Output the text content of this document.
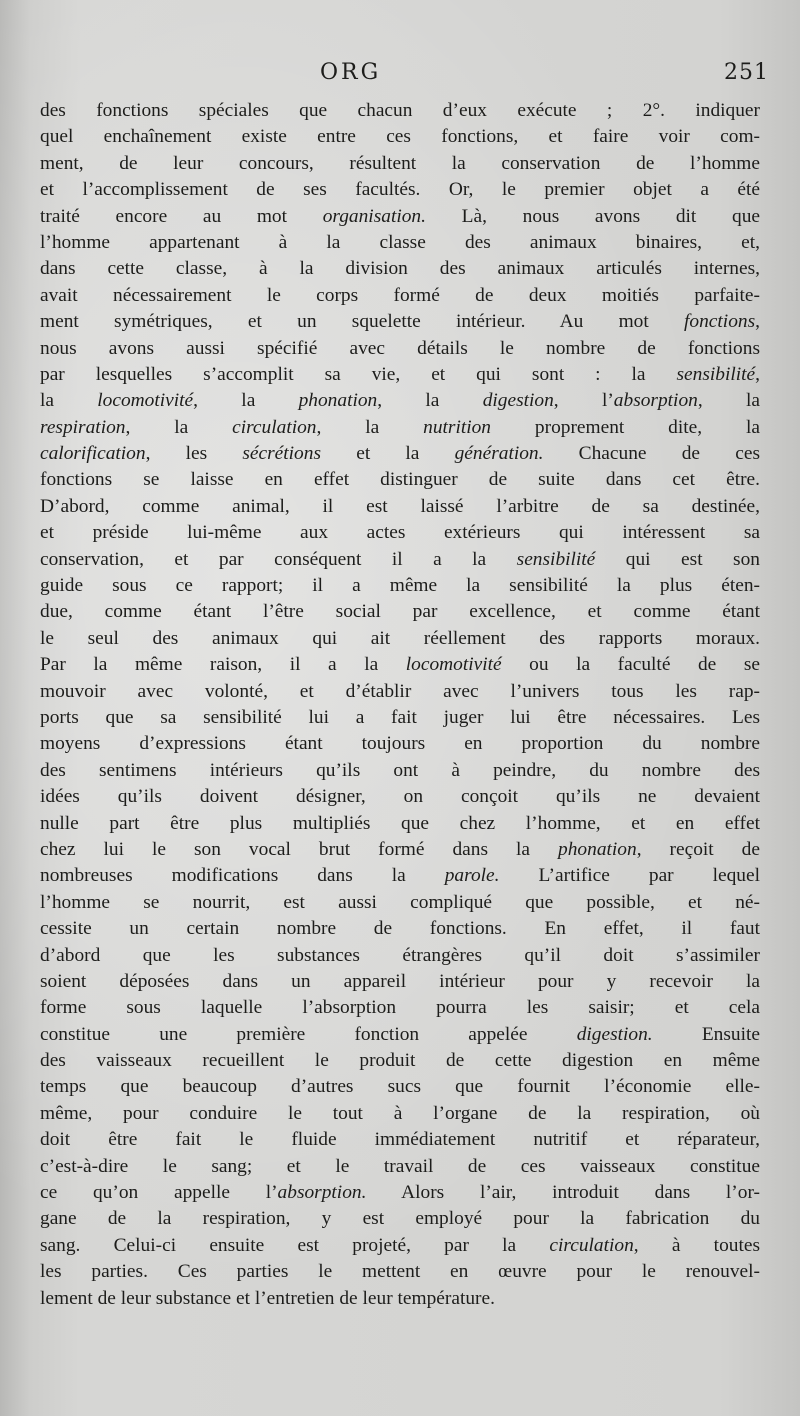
ORG	251
des fonctions spéciales que chacun d’eux exécute ; 2°. indiquer
quel enchaînement existe entre ces fonctions, et faire voir com-
ment, de leur concours, résultent la conservation de l’homme
et l’accomplissement de ses facultés. Or, le premier objet a été
traité encore au mot organisation. Là, nous avons dit que
l’homme appartenant à la classe des animaux binaires, et,
dans cette classe, à la division des animaux articulés internes,
avait nécessairement le corps formé de deux moitiés parfaite-
ment symétriques, et un squelette intérieur. Au mot fonctions,
nous avons aussi spécifié avec détails le nombre de fonctions
par lesquelles s’accomplit sa vie, et qui sont : la sensibilité,
la locomotivité, la phonation, la digestion, l’absorption, la
respiration, la circulation, la nutrition proprement dite, la
calorification, les sécrétions et la génération. Chacune de ces
fonctions se laisse en effet distinguer de suite dans cet être.
D’abord, comme animal, il est laissé l’arbitre de sa destinée,
et préside lui-même aux actes extérieurs qui intéressent sa
conservation, et par conséquent il a la sensibilité qui est son
guide sous ce rapport; il a même la sensibilité la plus éten-
due, comme étant l’être social par excellence, et comme étant
le seul des animaux qui ait réellement des rapports moraux.
Par la même raison, il a la locomotivité ou la faculté de se
mouvoir avec volonté, et d’établir avec l’univers tous les rap-
ports que sa sensibilité lui a fait juger lui être nécessaires. Les
moyens d’expressions étant toujours en proportion du nombre
des sentimens intérieurs qu’ils ont à peindre, du nombre des
idées qu’ils doivent désigner, on conçoit qu’ils ne devaient
nulle part être plus multipliés que chez l’homme, et en effet
chez lui le son vocal brut formé dans la phonation, reçoit de
nombreuses modifications dans la parole. L’artifice par lequel
l’homme se nourrit, est aussi compliqué que possible, et né-
cessite un certain nombre de fonctions. En effet, il faut
d’abord que les substances étrangères qu’il doit s’assimiler
soient déposées dans un appareil intérieur pour y recevoir la
forme sous laquelle l’absorption pourra les saisir; et cela
constitue une première fonction appelée digestion. Ensuite
des vaisseaux recueillent le produit de cette digestion en même
temps que beaucoup d’autres sucs que fournit l’économie elle-
même, pour conduire le tout à l’organe de la respiration, où
doit être fait le fluide immédiatement nutritif et réparateur,
c’est-à-dire le sang; et le travail de ces vaisseaux constitue
ce qu’on appelle l’absorption. Alors l’air, introduit dans l’or-
gane de la respiration, y est employé pour la fabrication du
sang. Celui-ci ensuite est projeté, par la circulation, à toutes
les parties. Ces parties le mettent en œuvre pour le renouvel-
lement de leur substance et l’entretien de leur température.
